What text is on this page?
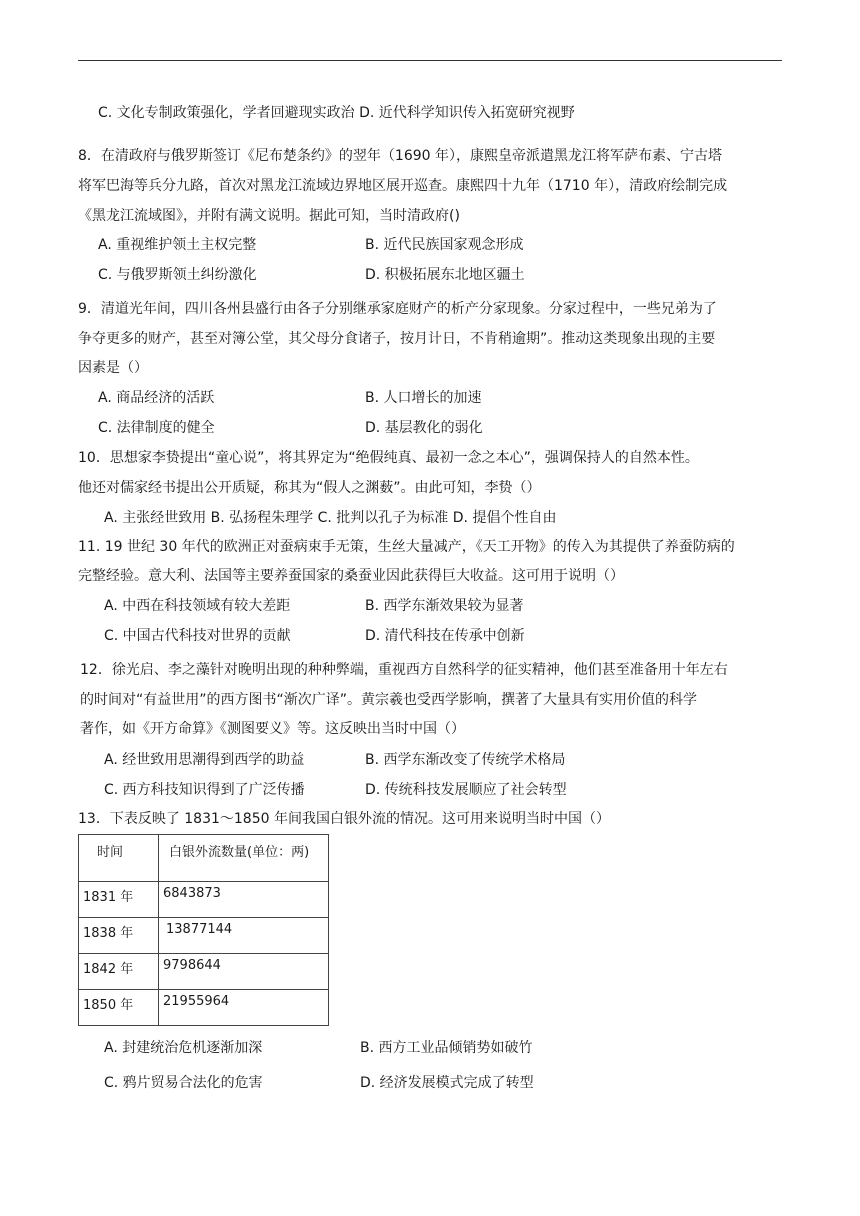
C. 文化专制政策强化，学者回避现实政治 D. 近代科学知识传入拓宽研究视野
8．在清政府与俄罗斯签订《尼布楚条约》的翌年（1690 年），康熙皇帝派遣黑龙江将军萨布素、宁古塔
将军巴海等兵分九路，首次对黑龙江流域边界地区展开巡查。康熙四十九年（1710 年），清政府绘制完成
《黑龙江流域图》，并附有满文说明。据此可知，当时清政府()
A. 重视维护领土主权完整	B. 近代民族国家观念形成
C. 与俄罗斯领土纠纷激化	D. 积极拓展东北地区疆土
9．清道光年间，四川各州县盛行由各子分别继承家庭财产的析产分家现象。分家过程中，一些兄弟为了
争夺更多的财产，甚至对簿公堂，其父母分食诸子，按月计日，不肯稍逾期”。推动这类现象出现的主要
因素是（）
A. 商品经济的活跃	B. 人口增长的加速
C. 法律制度的健全	D. 基层教化的弱化
10．思想家李贽提出“童心说”，将其界定为“绝假纯真、最初一念之本心”，强调保持人的自然本性。
他还对儒家经书提出公开质疑，称其为“假人之渊薮”。由此可知，李贽（）
A. 主张经世致用 B. 弘扬程朱理学 C. 批判以孔子为标准 D. 提倡个性自由
11. 19 世纪 30 年代的欧洲正对蚕病束手无策，生丝大量减产，《天工开物》的传入为其提供了养蚕防病的
完整经验。意大利、法国等主要养蚕国家的桑蚕业因此获得巨大收益。这可用于说明（）
A. 中西在科技领域有较大差距	B. 西学东渐效果较为显著
C. 中国古代科技对世界的贡献	D. 清代科技在传承中创新
12．徐光启、李之藻针对晚明出现的种种弊端，重视西方自然科学的征实精神，他们甚至准备用十年左右
的时间对“有益世用”的西方图书“渐次广译”。黄宗羲也受西学影响，撰著了大量具有实用价值的科学
著作，如《开方命算》《测图要义》等。这反映出当时中国（）
A. 经世致用思潮得到西学的助益	B. 西学东渐改变了传统学术格局
C. 西方科技知识得到了广泛传播	D. 传统科技发展顺应了社会转型
13．下表反映了 1831～1850 年间我国白银外流的情况。这可用来说明当时中国（）
时间	白银外流数量(单位：两)
1831 年	6843873
1838 年	13877144
1842 年	9798644
1850 年	21955964
A. 封建统治危机逐渐加深	B. 西方工业品倾销势如破竹
C. 鸦片贸易合法化的危害	D. 经济发展模式完成了转型
